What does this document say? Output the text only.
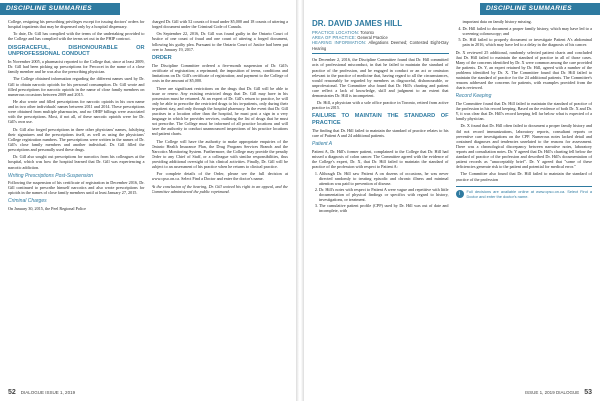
DISCIPLINE SUMMARIES

College, resigning his prescribing privileges except for issuing doctors' orders for hospital inpatients that may be dispensed only by a hospital dispensary.

To date, Dr. Gill has complied with the terms of the undertaking provided to the College and has complied with the terms set out in the PHIP contract.

DISGRACEFUL, DISHONOURABLE OR UNPROFESSIONAL CONDUCT

In November 2005, a pharmacist reported to the College that, since at least 2009, Dr. Gill had been picking up prescriptions for Percocet in the name of a close family member and he was also the prescribing physician.

The College obtained information regarding the different names used by Dr. Gill to obtain narcotic opioids for his personal consumption. Dr. Gill wrote and filled prescriptions for narcotic opioids in the name of close family members on numerous occasions between 2009 and 2015.

He also wrote and filled prescriptions for narcotic opioids in his own name and in two other individuals' names between 2011 and 2014. These prescriptions were obtained from multiple pharmacies, and no OHIP billings were associated with the prescriptions. Most, if not all, of these narcotic opioids were for Dr. Gill's own use.

Dr. Gill also forged prescriptions in three other physicians' names, falsifying their signatures and the prescriptions itself, as well as using the physicians' College registration numbers. The prescriptions were written in the names of Dr. Gill's close family members and another individual. Dr. Gill filled the prescriptions and personally used these drugs.

Dr. Gill also sought out prescriptions for narcotics from his colleagues at the hospital, which was how the hospital learned that Dr. Gill was experiencing a narcotic addiction.

Writing Prescriptions Post-Suspension

Following the suspension of his certificate of registration in December 2016, Dr. Gill continued to prescribe himself narcotics and also wrote prescriptions for opioids in the names of close family members until at least January 27, 2015.

Criminal Charges

On January 30, 2015, the Peel Regional Police

charged Dr. Gill with 52 counts of fraud under $5,000 and 18 counts of uttering a forged document under the Criminal Code of Canada.

On September 22, 2016, Dr. Gill was found guilty in the Ontario Court of Justice of one count of fraud and one count of uttering a forged document, following his guilty plea. Pursuant to the Ontario Court of Justice had been put over to January 19, 2017.

ORDER

The Discipline Committee ordered a five-month suspension of Dr. Gill's certificate of registration; a reprimand; the imposition of terms, conditions and limitations on Dr. Gill's certificate of registration; and payment to the College of costs in the amount of $5,000.

There are significant restrictions on the drugs that Dr. Gill will be able to issue or renew. Any existing restricted drugs that Dr. Gill may have in his possession must be returned. At an expert of Dr. Gill's return to practice, he will only be able to prescribe the restricted drugs to his in-patients, only during their in-patient stay, and only through the hospital pharmacy. In the event that Dr. Gill practises in a location other than the hospital, he must post a sign in a very language in which he provides services, outlining the list of drugs that he must not prescribe. The College must be informed of all practice locations and will have the authority to conduct unannounced inspections of his practice locations and patient charts.

The College will have the authority to make appropriate enquiries of the Ontario Health Insurance Plan, the Drug Program Services Branch and the Narcotics Monitoring System. Furthermore, the College may provide the penalty Order to any Chief of Staff, or a colleague with similar responsibilities, thus providing additional oversight of his clinical activities. Finally, Dr. Gill will be subject to an assessment of his practice when he returns to clinical practice.

For complete details of the Order, please see the full decision at www.cpso.on.ca. Select Find a Doctor and enter the doctor's name.

At the conclusion of the hearing, Dr. Gill waived his right to an appeal, and the Committee administered the public reprimand.

52 DIALOGUE ISSUE 1, 2019
DISCIPLINE SUMMARIES
DR. DAVID JAMES HILL
PRACTICE LOCATION: Toronto
AREA OF PRACTICE: General Practice
HEARING INFORMATION: Allegations Deemed; Contested Eight-Day Hearing

On December 2, 2016, the Discipline Committee found that Dr. Hill committed acts of professional misconduct, in that he failed to maintain the standard of practice of the profession, and he engaged in conduct or an act or omission relevant to the practice of medicine that, having regard to all the circumstances, would reasonably be regarded by members as disgraceful, dishonourable, or unprofessional. The Committee also found that Dr. Hill's charting and patient care reflect a lack of knowledge, skill and judgment to an extent that demonstrates Dr. Hill is incompetent.

Dr. Hill, a physician with a sole office practice in Toronto, retired from active practice in 2015.

FAILURE TO MAINTAIN THE STANDARD OF PRACTICE

The finding that Dr. Hill failed to maintain the standard of practice relates to his care of Patient A and 24 additional patients.

Patient A

Patient A, Dr. Hill's former patient, complained to the College that Dr. Hill had missed a diagnosis of colon cancer. The Committee agreed with the evidence of the College's expert, Dr. X, that Dr. Hill failed to maintain the standard of practice of the profession with respect to Patient A:

1. Although Dr. Hill saw Patient A on dozens of occasions, he was never directed randomly to treating episodic and chronic illness and minimal attention was paid to prevention of disease.
2. Dr. Hill's notes with respect to Patient A were vague and repetitive with little documentation of physical findings or specifics with regard to history, investigations, or treatment.
3. The cumulative patient profile (CPP) used by Dr. Hill was out of date and incomplete, with
important data on family history missing.
4. Dr. Hill failed to document a proper family history, which may have led to a screening colonoscopy; and
5. Dr. Hill failed to properly document or investigate Patient A's abdominal pain in 2016, which may have led to a delay in the diagnosis of his cancer.

Dr. X reviewed 25 additional, randomly selected patient charts and concluded that Dr. Hill failed to maintain the standard of practice in all of those cases. Many of the concerns identified by Dr. X were common among the care provided the patients. Dr. Y, an expert retained by Dr. Hill, agreed with a number of the problems identified by Dr. X. The Committee found that Dr. Hill failed to maintain the standard of practice for the 24 additional patients. The Committee's reasons addressed the concerns for patients, with examples provided from the charts reviewed.

Record Keeping

The Committee found that Dr. Hill failed to maintain the standard of practice of the profession in his record keeping. Based on the evidence of both Dr. X and Dr. Y, it was clear that Dr. Hill's record keeping fell far below what is expected of a family physician.

Dr. X found that Dr. Hill often failed to document a proper family history and did not record immunizations, laboratory reports, consultant reports or preventive care investigations on the CPP. Numerous notes lacked detail and contained diagnoses and tendencies unrelated to the reasons for assessment. There was a chronological discrepancy between narrative notes, laboratory reports and consultation notes. Dr. Y agreed that Dr. Hill's charting fell below the standard of practice of the profession and described Dr. Hill's documentation of patient records as "unacceptably brief". Dr. Y agreed that "some of these deficiencies generate risk to the patient and potential for medical error."

The Committee also found that Dr. Hill failed to maintain the standard of practice of the profession

i	Full decisions are available online at www.cpso.on.ca. Select Find a Doctor and enter the doctor's name.
53
ISSUE 1, 2019 DIALOGUE
